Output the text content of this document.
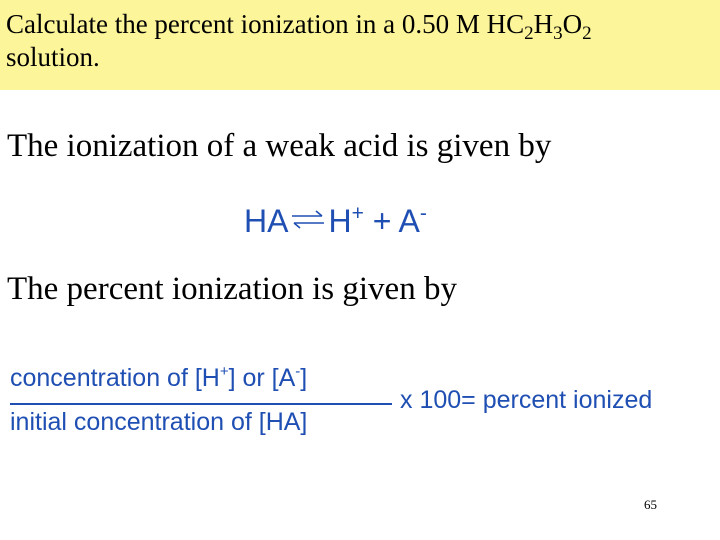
Calculate the percent ionization in a 0.50 M $HC_2H_3O_2$
solution.
The ionization of a weak acid is given by
HA⇌H+ + A-
The percent ionization is given by
concentration of [H+] or [A-]
initial concentration of [HA]
x 100= percent ionized
65
